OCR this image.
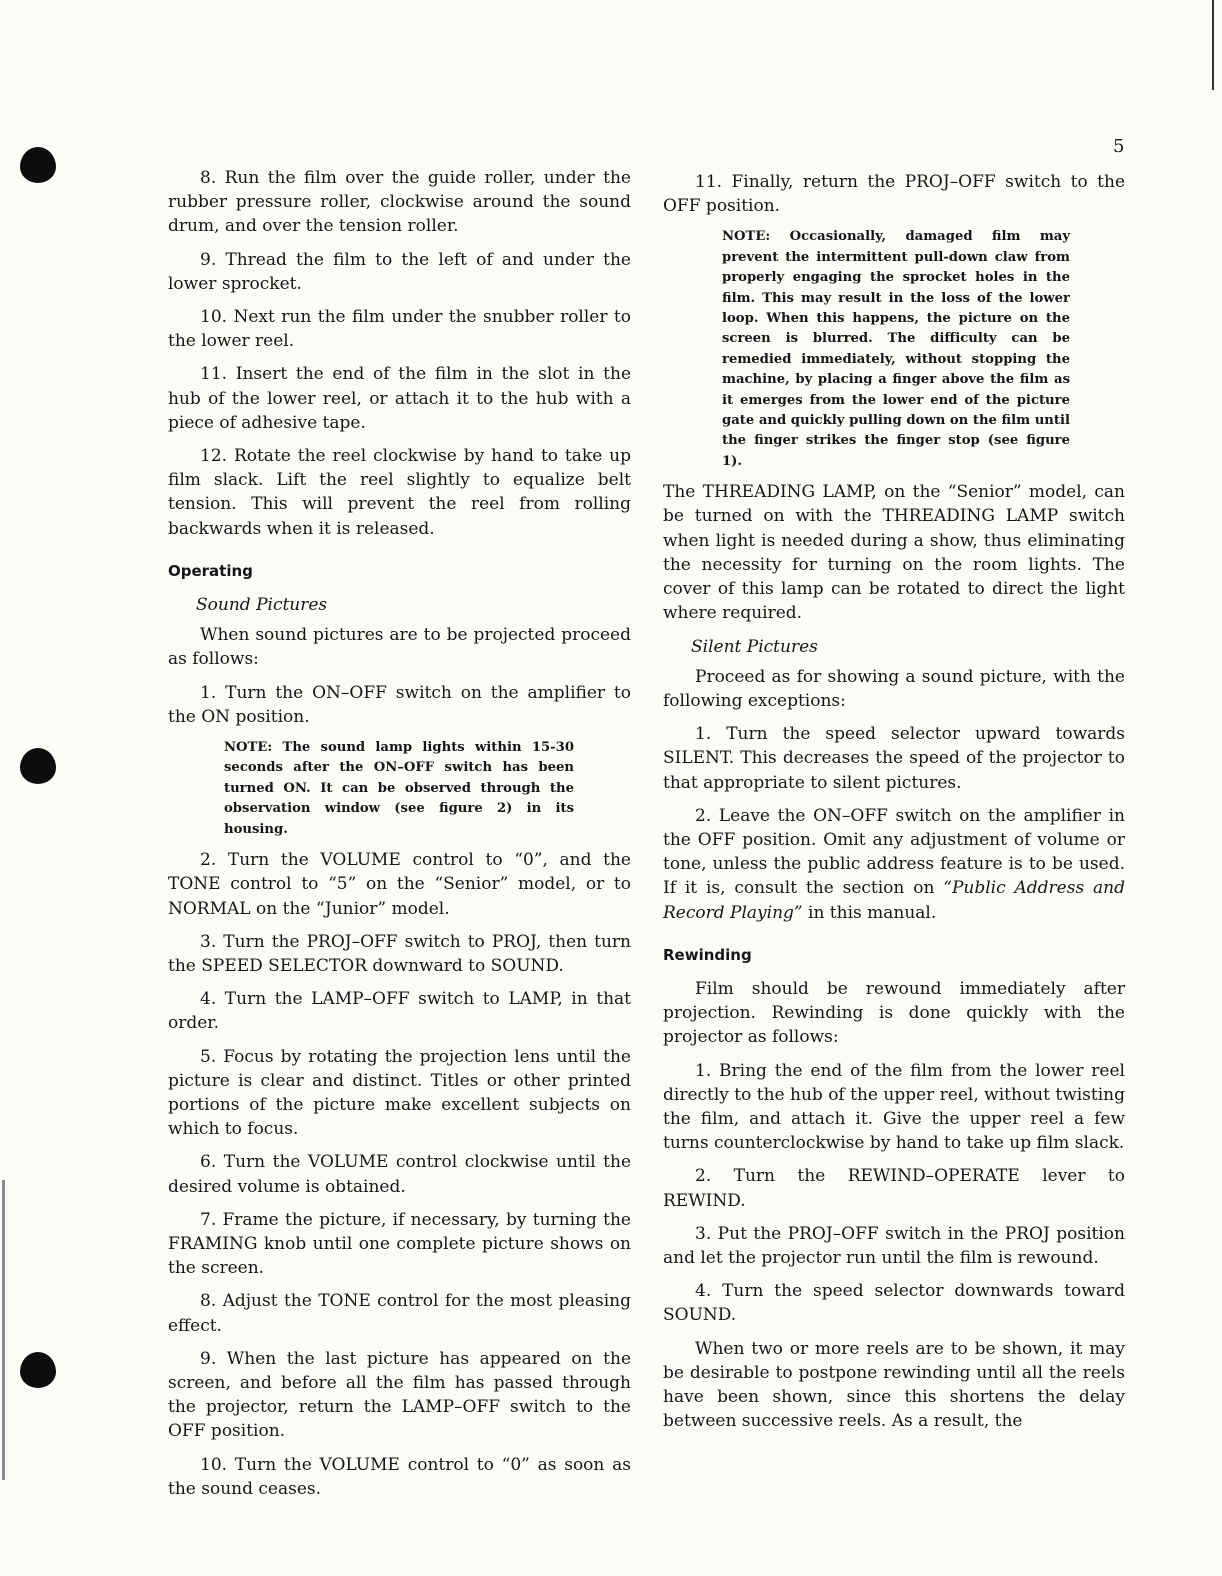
5

8. Run the film over the guide roller, under the rubber pressure roller, clockwise around the sound drum, and over the tension roller.

9. Thread the film to the left of and under the lower sprocket.

10. Next run the film under the snubber roller to the lower reel.

11. Insert the end of the film in the slot in the hub of the lower reel, or attach it to the hub with a piece of adhesive tape.

12. Rotate the reel clockwise by hand to take up film slack. Lift the reel slightly to equalize belt tension. This will prevent the reel from rolling backwards when it is released.

Operating
Sound Pictures

When sound pictures are to be projected proceed as follows:

1. Turn the ON–OFF switch on the amplifier to the ON position.

NOTE: The sound lamp lights within 15-30 seconds after the ON–OFF switch has been turned ON. It can be observed through the observation window (see figure 2) in its housing.

2. Turn the VOLUME control to “0”, and the TONE control to “5” on the “Senior” model, or to NORMAL on the “Junior” model.

3. Turn the PROJ–OFF switch to PROJ, then turn the SPEED SELECTOR downward to SOUND.

4. Turn the LAMP–OFF switch to LAMP, in that order.

5. Focus by rotating the projection lens until the picture is clear and distinct. Titles or other printed portions of the picture make excellent subjects on which to focus.

6. Turn the VOLUME control clockwise until the desired volume is obtained.

7. Frame the picture, if necessary, by turning the FRAMING knob until one complete picture shows on the screen.

8. Adjust the TONE control for the most pleasing effect.

9. When the last picture has appeared on the screen, and before all the film has passed through the projector, return the LAMP–OFF switch to the OFF position.

10. Turn the VOLUME control to “0” as soon as the sound ceases.

11. Finally, return the PROJ–OFF switch to the OFF position.

NOTE: Occasionally, damaged film may prevent the intermittent pull-down claw from properly engaging the sprocket holes in the film. This may result in the loss of the lower loop. When this happens, the picture on the screen is blurred. The difficulty can be remedied immediately, without stopping the machine, by placing a finger above the film as it emerges from the lower end of the picture gate and quickly pulling down on the film until the finger strikes the finger stop (see figure 1).

The THREADING LAMP, on the “Senior” model, can be turned on with the THREADING LAMP switch when light is needed during a show, thus eliminating the necessity for turning on the room lights. The cover of this lamp can be rotated to direct the light where required.

Silent Pictures

Proceed as for showing a sound picture, with the following exceptions:

1. Turn the speed selector upward towards SILENT. This decreases the speed of the projector to that appropriate to silent pictures.

2. Leave the ON–OFF switch on the amplifier in the OFF position. Omit any adjustment of volume or tone, unless the public address feature is to be used. If it is, consult the section on “Public Address and Record Playing” in this manual.

Rewinding

Film should be rewound immediately after projection. Rewinding is done quickly with the projector as follows:

1. Bring the end of the film from the lower reel directly to the hub of the upper reel, without twisting the film, and attach it. Give the upper reel a few turns counterclockwise by hand to take up film slack.

2. Turn the REWIND–OPERATE lever to REWIND.

3. Put the PROJ–OFF switch in the PROJ position and let the projector run until the film is rewound.

4. Turn the speed selector downwards toward SOUND.

When two or more reels are to be shown, it may be desirable to postpone rewinding until all the reels have been shown, since this shortens the delay between successive reels. As a result, the
